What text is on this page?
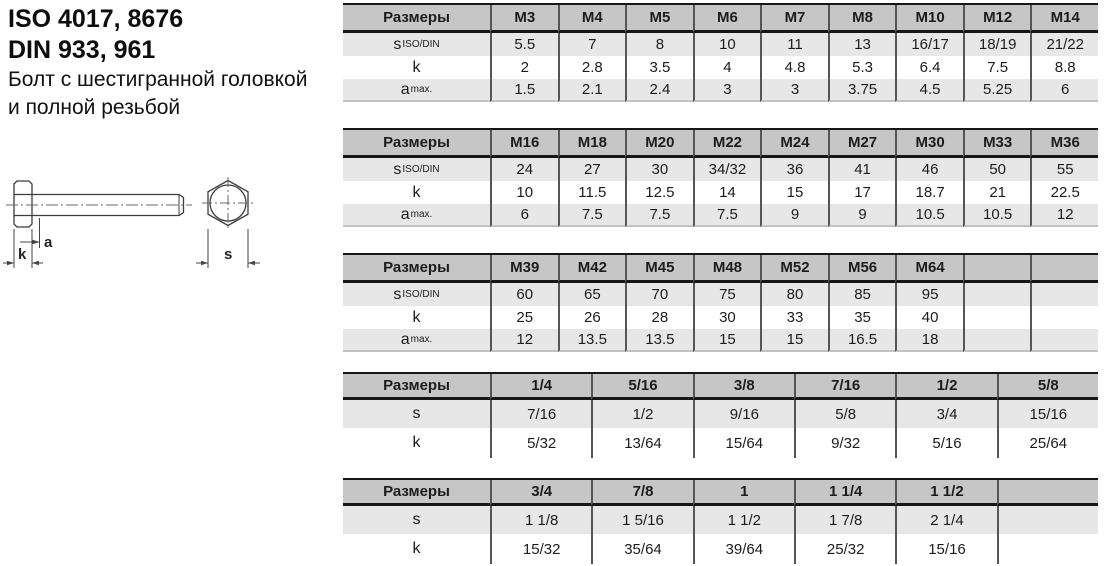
ISO 4017, 8676
DIN 933, 961
Болт с шестигранной головкой
и полной резьбой
a
k	s
Размеры	M3	M4	M5	M6	M7	M8	M10	M12	M14
s ISO/DIN	5.5	7	8	10	11	13	16/17	18/19	21/22
k	2	2.8	3.5	4	4.8	5.3	6.4	7.5	8.8
a max.	1.5	2.1	2.4	3	3	3.75	4.5	5.25	6
Размеры	M16	M18	M20	M22	M24	M27	M30	M33	M36
s ISO/DIN	24	27	30	34/32	36	41	46	50	55
k	10	11.5	12.5	14	15	17	18.7	21	22.5
a max.	6	7.5	7.5	7.5	9	9	10.5	10.5	12
Размеры	M39	M42	M45	M48	M52	M56	M64
s ISO/DIN	60	65	70	75	80	85	95
k	25	26	28	30	33	35	40
a max.	12	13.5	13.5	15	15	16.5	18
Размеры	1/4	5/16	3/8	7/16	1/2	5/8
s	7/16	1/2	9/16	5/8	3/4	15/16
k	5/32	13/64	15/64	9/32	5/16	25/64
Размеры	3/4	7/8	1	1 1/4	1 1/2
s	1 1/8	1 5/16	1 1/2	1 7/8	2 1/4
k	15/32	35/64	39/64	25/32	15/16
